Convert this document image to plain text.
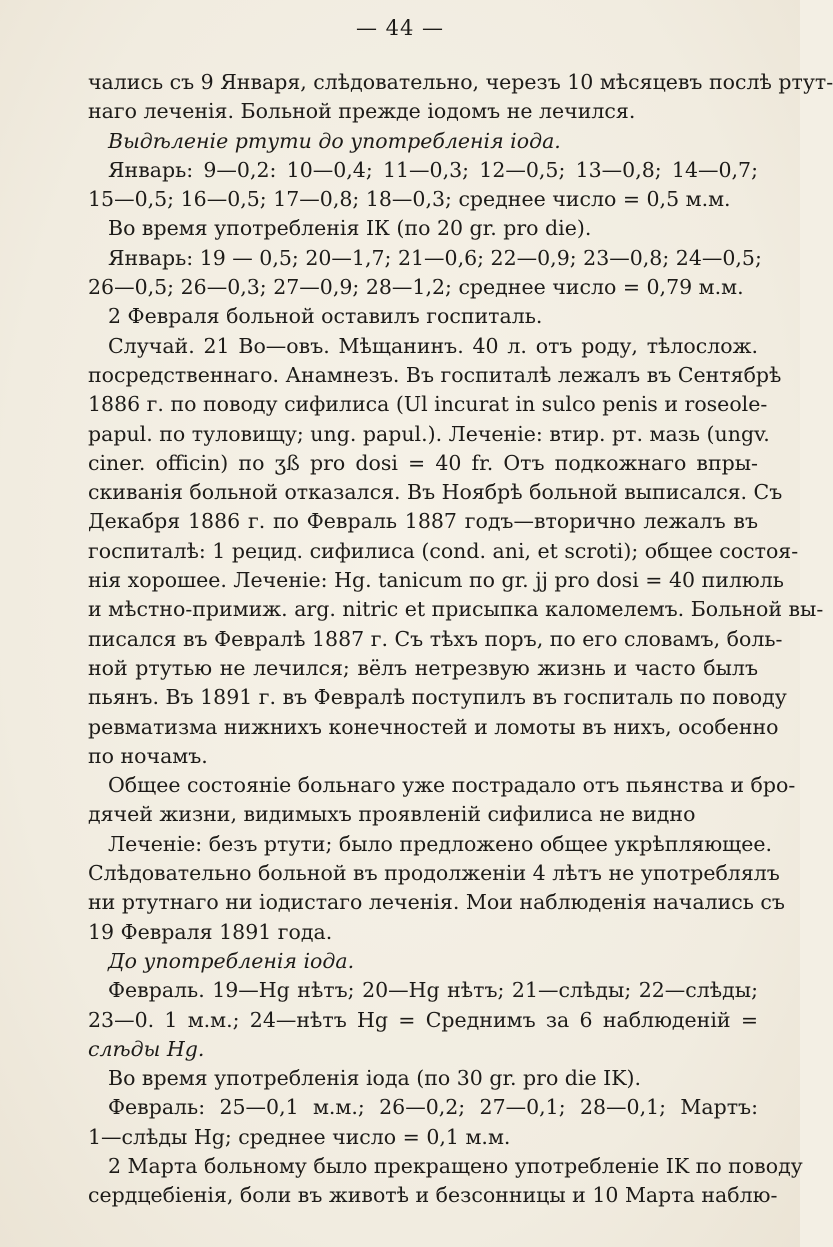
— 44 —
чались съ 9 Января, слѣдовательно, черезъ 10 мѣсяцевъ послѣ ртут-
наго леченія. Больной прежде іодомъ не лечился.
Выдѣленіе ртути до употребленія іода.
Январь: 9—0,2: 10—0,4; 11—0,3; 12—0,5; 13—0,8; 14—0,7;
15—0,5; 16—0,5; 17—0,8; 18—0,3; среднее число = 0,5 м.м.
Во время употребленія ІК (по 20 gr. pro die).
Январь: 19 — 0,5; 20—1,7; 21—0,6; 22—0,9; 23—0,8; 24—0,5;
26—0,5; 26—0,3; 27—0,9; 28—1,2; среднее число = 0,79 м.м.
2 Февраля больной оставилъ госпиталь.
Случай. 21 Во—овъ. Мѣщанинъ. 40 л. отъ роду, тѣлослож.
посредственнаго. Анамнезъ. Въ госпиталѣ лежалъ въ Сентябрѣ
1886 г. по поводу сифилиса (Ul incurat in sulco penis и roseole-
papul. по туловищу; ung. papul.). Леченіе: втир. рт. мазь (ungv.
ciner. officin) по ʒß pro dosi = 40 fr. Отъ подкожнаго впры-
скиванія больной отказался. Въ Ноябрѣ больной выписался. Съ
Декабря 1886 г. по Февраль 1887 годъ—вторично лежалъ въ
госпиталѣ: 1 рецид. сифилиса (cond. ani, et scroti); общее состоя-
нія хорошее. Леченіе: Hg. tanicum по gr. jj pro dosi = 40 пилюль
и мѣстно-примиж. arg. nitric et присыпка каломелемъ. Больной вы-
писался въ Февралѣ 1887 г. Съ тѣхъ поръ, по его словамъ, боль-
ной ртутью не лечился; вёлъ нетрезвую жизнь и часто былъ
пьянъ. Въ 1891 г. въ Февралѣ поступилъ въ госпиталь по поводу
ревматизма нижнихъ конечностей и ломоты въ нихъ, особенно
по ночамъ.
Общее состояніе больнаго уже пострадало отъ пьянства и бро-
дячей жизни, видимыхъ проявленій сифилиса не видно
Леченіе: безъ ртути; было предложено общее укрѣпляющее.
Слѣдовательно больной въ продолженіи 4 лѣтъ не употреблялъ
ни ртутнаго ни іодистаго леченія. Мои наблюденія начались съ
19 Февраля 1891 года.
До употребленія іода.
Февраль. 19—Hg нѣтъ; 20—Hg нѣтъ; 21—слѣды; 22—слѣды;
23—0. 1 м.м.; 24—нѣтъ Hg = Среднимъ за 6 наблюденій =
слѣды Hg.
Во время употребленія іода (по 30 gr. pro die IK).
Февраль: 25—0,1 м.м.; 26—0,2; 27—0,1; 28—0,1; Мартъ:
1—слѣды Hg; среднее число = 0,1 м.м.
2 Марта больному было прекращено употребленіе IK по поводу
сердцебіенія, боли въ животѣ и безсонницы и 10 Марта наблю-
